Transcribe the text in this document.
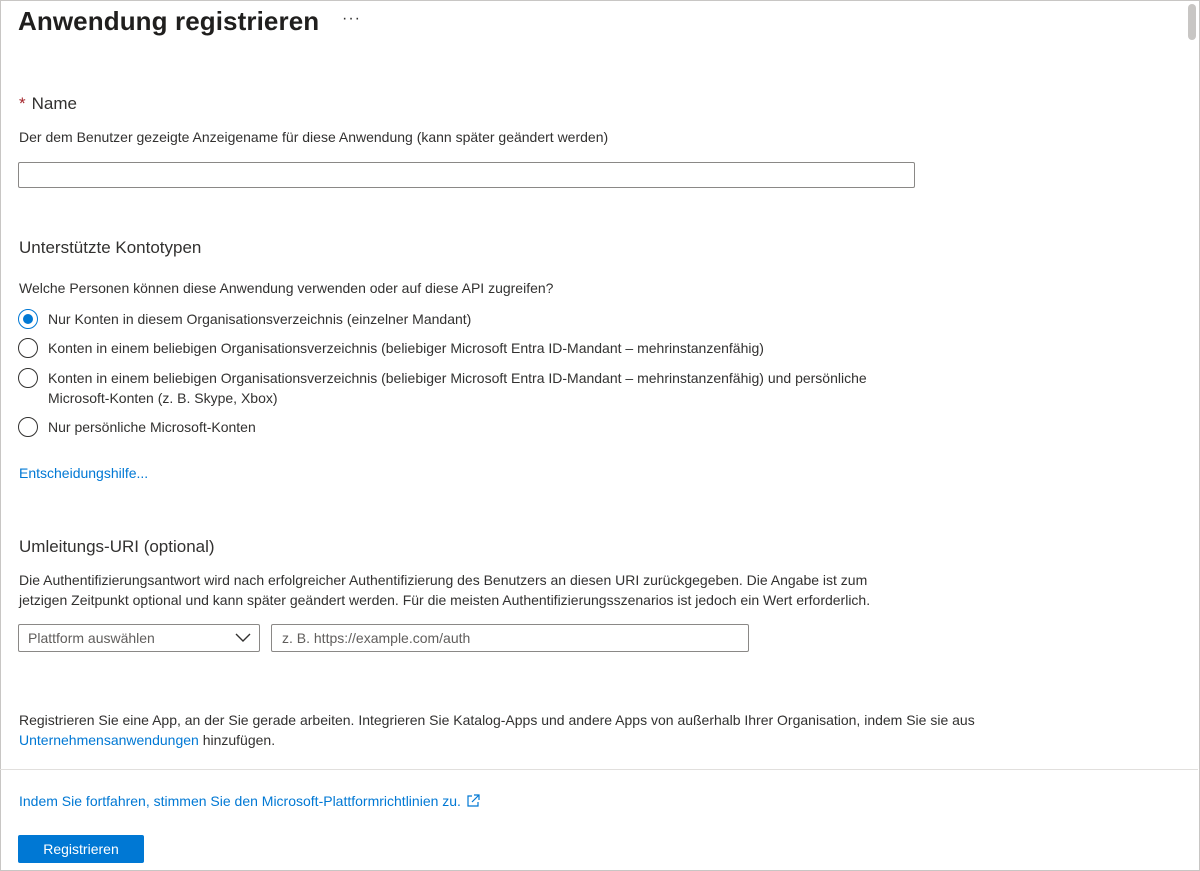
Anwendung registrieren ···
* Name
Der dem Benutzer gezeigte Anzeigename für diese Anwendung (kann später geändert werden)
Unterstützte Kontotypen
Welche Personen können diese Anwendung verwenden oder auf diese API zugreifen?
Nur Konten in diesem Organisationsverzeichnis (einzelner Mandant)
Konten in einem beliebigen Organisationsverzeichnis (beliebiger Microsoft Entra ID-Mandant – mehrinstanzenfähig)
Konten in einem beliebigen Organisationsverzeichnis (beliebiger Microsoft Entra ID-Mandant – mehrinstanzenfähig) und persönliche Microsoft-Konten (z. B. Skype, Xbox)
Nur persönliche Microsoft-Konten
Entscheidungshilfe...
Umleitungs-URI (optional)
Die Authentifizierungsantwort wird nach erfolgreicher Authentifizierung des Benutzers an diesen URI zurückgegeben. Die Angabe ist zum jetzigen Zeitpunkt optional und kann später geändert werden. Für die meisten Authentifizierungsszenarios ist jedoch ein Wert erforderlich.
Plattform auswählen
z. B. https://example.com/auth
Registrieren Sie eine App, an der Sie gerade arbeiten. Integrieren Sie Katalog-Apps und andere Apps von außerhalb Ihrer Organisation, indem Sie sie aus
Unternehmensanwendungen hinzufügen.
Indem Sie fortfahren, stimmen Sie den Microsoft-Plattformrichtlinien zu.
Registrieren
